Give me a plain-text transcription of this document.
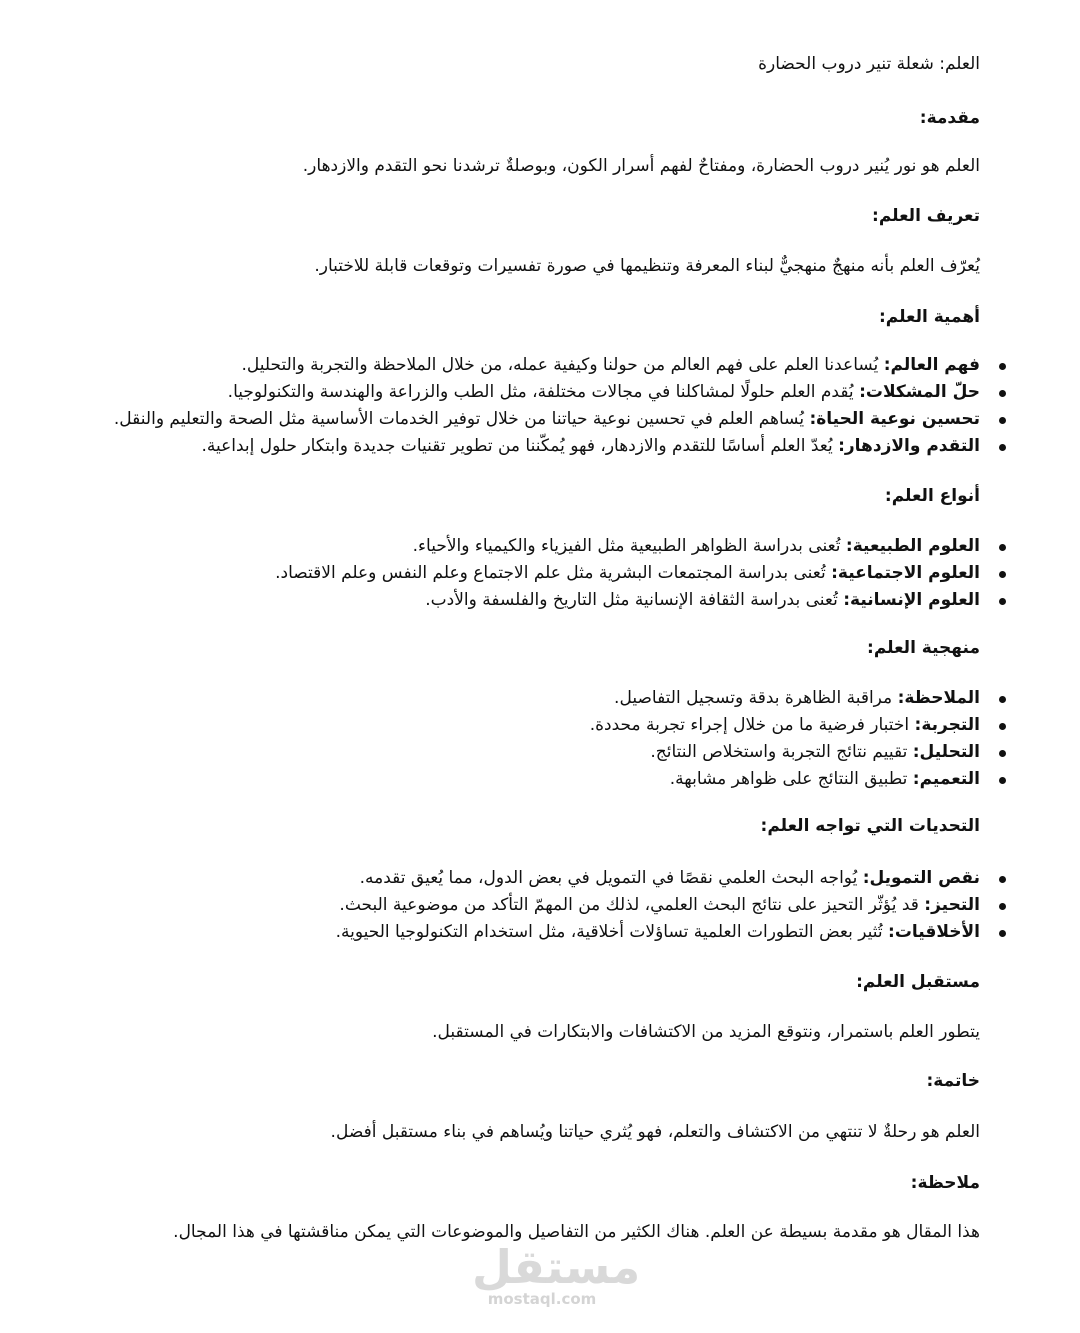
العلم: شعلة تنير دروب الحضارة
مقدمة:

العلم هو نور يُنير دروب الحضارة، ومفتاحٌ لفهم أسرار الكون، وبوصلةٌ ترشدنا نحو التقدم والازدهار.

تعريف العلم:

يُعرّف العلم بأنه منهجٌ منهجيٌّ لبناء المعرفة وتنظيمها في صورة تفسيرات وتوقعات قابلة للاختبار.

أهمية العلم:
فهم العالم: يُساعدنا العلم على فهم العالم من حولنا وكيفية عمله، من خلال الملاحظة والتجربة والتحليل.
حلّ المشكلات: يُقدم العلم حلولًا لمشاكلنا في مجالات مختلفة، مثل الطب والزراعة والهندسة والتكنولوجيا.
تحسين نوعية الحياة: يُساهم العلم في تحسين نوعية حياتنا من خلال توفير الخدمات الأساسية مثل الصحة والتعليم والنقل.
التقدم والازدهار: يُعدّ العلم أساسًا للتقدم والازدهار، فهو يُمكّننا من تطوير تقنيات جديدة وابتكار حلول إبداعية.
أنواع العلم:
العلوم الطبيعية: تُعنى بدراسة الظواهر الطبيعية مثل الفيزياء والكيمياء والأحياء.
العلوم الاجتماعية: تُعنى بدراسة المجتمعات البشرية مثل علم الاجتماع وعلم النفس وعلم الاقتصاد.
العلوم الإنسانية: تُعنى بدراسة الثقافة الإنسانية مثل التاريخ والفلسفة والأدب.
منهجية العلم:
الملاحظة: مراقبة الظاهرة بدقة وتسجيل التفاصيل.
التجربة: اختبار فرضية ما من خلال إجراء تجربة محددة.
التحليل: تقييم نتائج التجربة واستخلاص النتائج.
التعميم: تطبيق النتائج على ظواهر مشابهة.
التحديات التي تواجه العلم:
نقص التمويل: يُواجه البحث العلمي نقصًا في التمويل في بعض الدول، مما يُعيق تقدمه.
التحيز: قد يُؤثّر التحيز على نتائج البحث العلمي، لذلك من المهمّ التأكد من موضوعية البحث.
الأخلاقيات: تُثير بعض التطورات العلمية تساؤلات أخلاقية، مثل استخدام التكنولوجيا الحيوية.
مستقبل العلم:

يتطور العلم باستمرار، ونتوقع المزيد من الاكتشافات والابتكارات في المستقبل.

خاتمة:

العلم هو رحلةٌ لا تنتهي من الاكتشاف والتعلم، فهو يُثري حياتنا ويُساهم في بناء مستقبل أفضل.

ملاحظة:

هذا المقال هو مقدمة بسيطة عن العلم. هناك الكثير من التفاصيل والموضوعات التي يمكن مناقشتها في هذا المجال.

مستقل
mostaql.com
